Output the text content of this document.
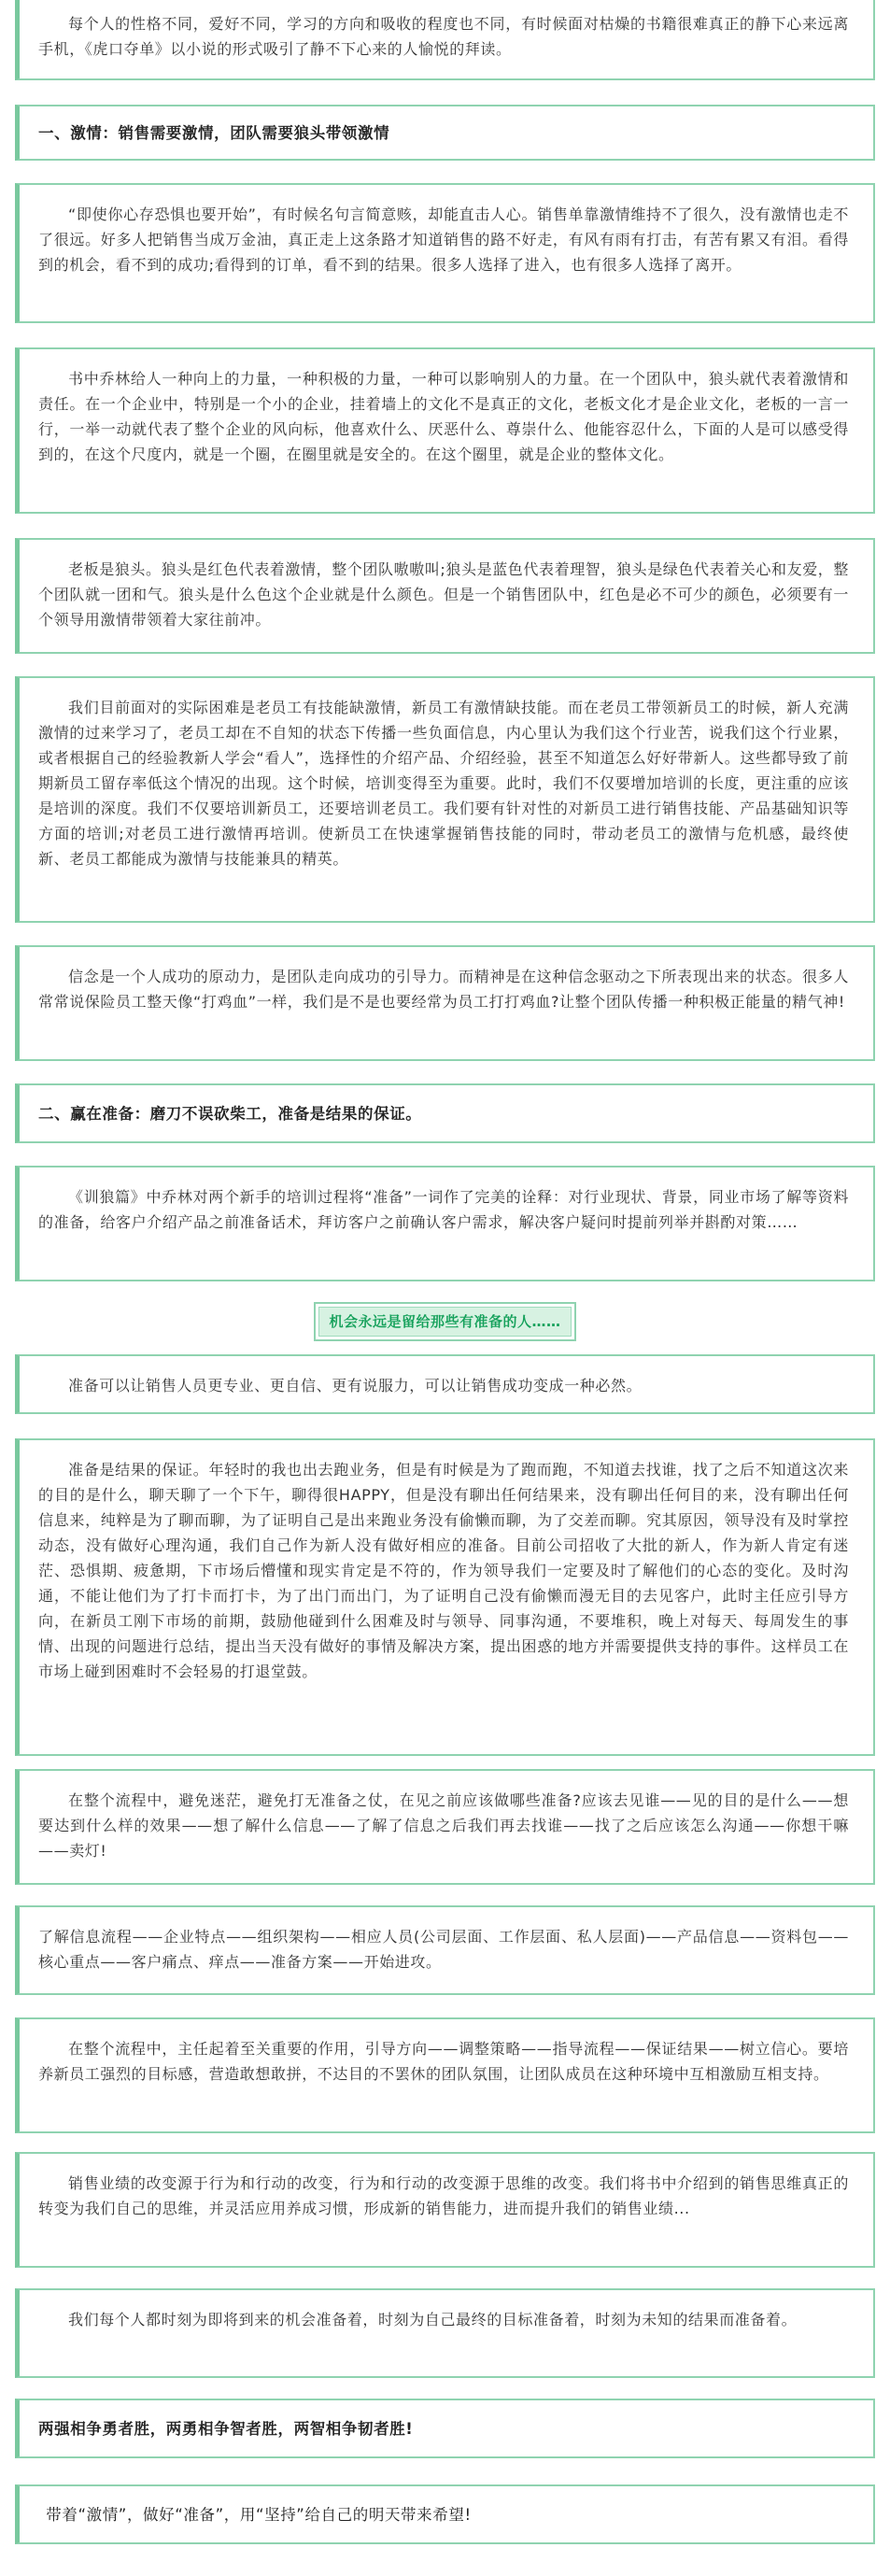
每个人的性格不同，爱好不同，学习的方向和吸收的程度也不同，有时候面对枯燥的书籍很难真正的静下心来远离手机，《虎口夺单》以小说的形式吸引了静不下心来的人愉悦的拜读。

一、激情：销售需要激情，团队需要狼头带领激情

“即使你心存恐惧也要开始”，有时候名句言简意赅，却能直击人心。销售单靠激情维持不了很久，没有激情也走不了很远。好多人把销售当成万金油，真正走上这条路才知道销售的路不好走，有风有雨有打击，有苦有累又有泪。看得到的机会，看不到的成功;看得到的订单，看不到的结果。很多人选择了进入，也有很多人选择了离开。

书中乔林给人一种向上的力量，一种积极的力量，一种可以影响别人的力量。在一个团队中，狼头就代表着激情和责任。在一个企业中，特别是一个小的企业，挂着墙上的文化不是真正的文化，老板文化才是企业文化，老板的一言一行，一举一动就代表了整个企业的风向标，他喜欢什么、厌恶什么、尊崇什么、他能容忍什么，下面的人是可以感受得到的，在这个尺度内，就是一个圈，在圈里就是安全的。在这个圈里，就是企业的整体文化。

老板是狼头。狼头是红色代表着激情，整个团队嗷嗷叫;狼头是蓝色代表着理智，狼头是绿色代表着关心和友爱，整个团队就一团和气。狼头是什么色这个企业就是什么颜色。但是一个销售团队中，红色是必不可少的颜色，必须要有一个领导用激情带领着大家往前冲。

我们目前面对的实际困难是老员工有技能缺激情，新员工有激情缺技能。而在老员工带领新员工的时候，新人充满激情的过来学习了，老员工却在不自知的状态下传播一些负面信息，内心里认为我们这个行业苦，说我们这个行业累，或者根据自己的经验教新人学会“看人”，选择性的介绍产品、介绍经验，甚至不知道怎么好好带新人。这些都导致了前期新员工留存率低这个情况的出现。这个时候，培训变得至为重要。此时，我们不仅要增加培训的长度，更注重的应该是培训的深度。我们不仅要培训新员工，还要培训老员工。我们要有针对性的对新员工进行销售技能、产品基础知识等方面的培训;对老员工进行激情再培训。使新员工在快速掌握销售技能的同时，带动老员工的激情与危机感，最终使新、老员工都能成为激情与技能兼具的精英。

信念是一个人成功的原动力，是团队走向成功的引导力。而精神是在这种信念驱动之下所表现出来的状态。很多人常常说保险员工整天像“打鸡血”一样，我们是不是也要经常为员工打打鸡血?让整个团队传播一种积极正能量的精气神!

二、赢在准备：磨刀不误砍柴工，准备是结果的保证。

《训狼篇》中乔林对两个新手的培训过程将“准备”一词作了完美的诠释：对行业现状、背景，同业市场了解等资料的准备，给客户介绍产品之前准备话术，拜访客户之前确认客户需求，解决客户疑问时提前列举并斟酌对策……

机会永远是留给那些有准备的人……

准备可以让销售人员更专业、更自信、更有说服力，可以让销售成功变成一种必然。

准备是结果的保证。年轻时的我也出去跑业务，但是有时候是为了跑而跑，不知道去找谁，找了之后不知道这次来的目的是什么，聊天聊了一个下午，聊得很HAPPY，但是没有聊出任何结果来，没有聊出任何目的来，没有聊出任何信息来，纯粹是为了聊而聊，为了证明自己是出来跑业务没有偷懒而聊，为了交差而聊。究其原因，领导没有及时掌控动态，没有做好心理沟通，我们自己作为新人没有做好相应的准备。目前公司招收了大批的新人，作为新人肯定有迷茫、恐惧期、疲惫期，下市场后懵懂和现实肯定是不符的，作为领导我们一定要及时了解他们的心态的变化。及时沟通，不能让他们为了打卡而打卡，为了出门而出门，为了证明自己没有偷懒而漫无目的去见客户，此时主任应引导方向，在新员工刚下市场的前期，鼓励他碰到什么困难及时与领导、同事沟通，不要堆积，晚上对每天、每周发生的事情、出现的问题进行总结，提出当天没有做好的事情及解决方案，提出困惑的地方并需要提供支持的事件。这样员工在市场上碰到困难时不会轻易的打退堂鼓。

在整个流程中，避免迷茫，避免打无准备之仗，在见之前应该做哪些准备?应该去见谁——见的目的是什么——想要达到什么样的效果——想了解什么信息——了解了信息之后我们再去找谁——找了之后应该怎么沟通——你想干嘛——卖灯!

了解信息流程——企业特点——组织架构——相应人员(公司层面、工作层面、私人层面)——产品信息——资料包——核心重点——客户痛点、痒点——准备方案——开始进攻。

在整个流程中，主任起着至关重要的作用，引导方向——调整策略——指导流程——保证结果——树立信心。要培养新员工强烈的目标感，营造敢想敢拼，不达目的不罢休的团队氛围，让团队成员在这种环境中互相激励互相支持。

销售业绩的改变源于行为和行动的改变，行为和行动的改变源于思维的改变。我们将书中介绍到的销售思维真正的转变为我们自己的思维，并灵活应用养成习惯，形成新的销售能力，进而提升我们的销售业绩...

我们每个人都时刻为即将到来的机会准备着，时刻为自己最终的目标准备着，时刻为未知的结果而准备着。

两强相争勇者胜，两勇相争智者胜，两智相争韧者胜!

带着“激情”，做好“准备”，用“坚持”给自己的明天带来希望!
